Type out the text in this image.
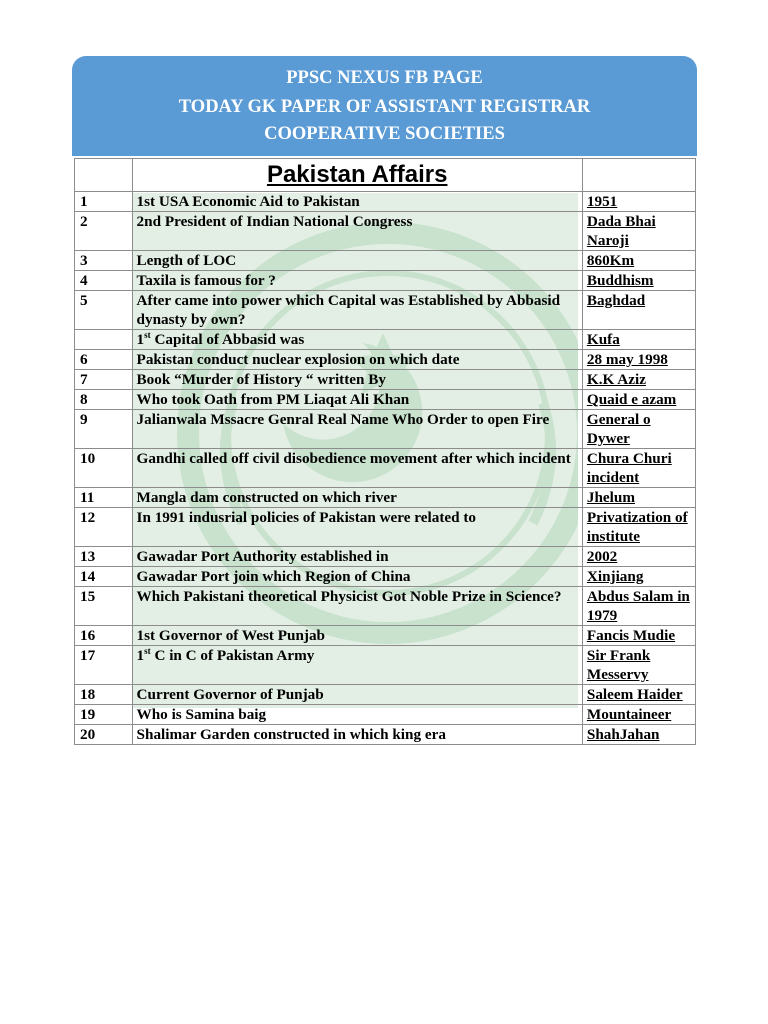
PPSC NEXUS FB PAGE
TODAY GK PAPER OF ASSISTANT REGISTRAR
COOPERATIVE SOCIETIES
	Pakistan Affairs	
1	1st USA Economic Aid to Pakistan	1951
2	2nd President of Indian National Congress	Dada Bhai Naroji
3	Length of LOC	860Km
4	Taxila is famous for ?	Buddhism
5	After came into power which Capital was Established by Abbasid dynasty by own?	Baghdad
	1st Capital of Abbasid was	Kufa
6	Pakistan conduct nuclear explosion on which date	28 may 1998
7	Book “Murder of History “ written By	K.K Aziz
8	Who took Oath from PM Liaqat Ali Khan	Quaid e azam
9	Jalianwala Mssacre Genral Real Name Who Order to open Fire	General o Dywer
10	Gandhi called off civil disobedience movement after which incident	Chura Churi incident
11	Mangla dam constructed on which river	Jhelum
12	In 1991 indusrial policies of Pakistan were related to	Privatization of institute
13	Gawadar Port Authority established in	2002
14	Gawadar Port join which Region of China	Xinjiang
15	Which Pakistani theoretical Physicist Got Noble Prize in Science?	Abdus Salam in 1979
16	1st Governor of West Punjab	Fancis Mudie
17	1st C in C of Pakistan Army	Sir Frank Messervy
18	Current Governor of Punjab	Saleem Haider
19	Who is Samina baig	Mountaineer
20	Shalimar Garden constructed in which king era	ShahJahan
